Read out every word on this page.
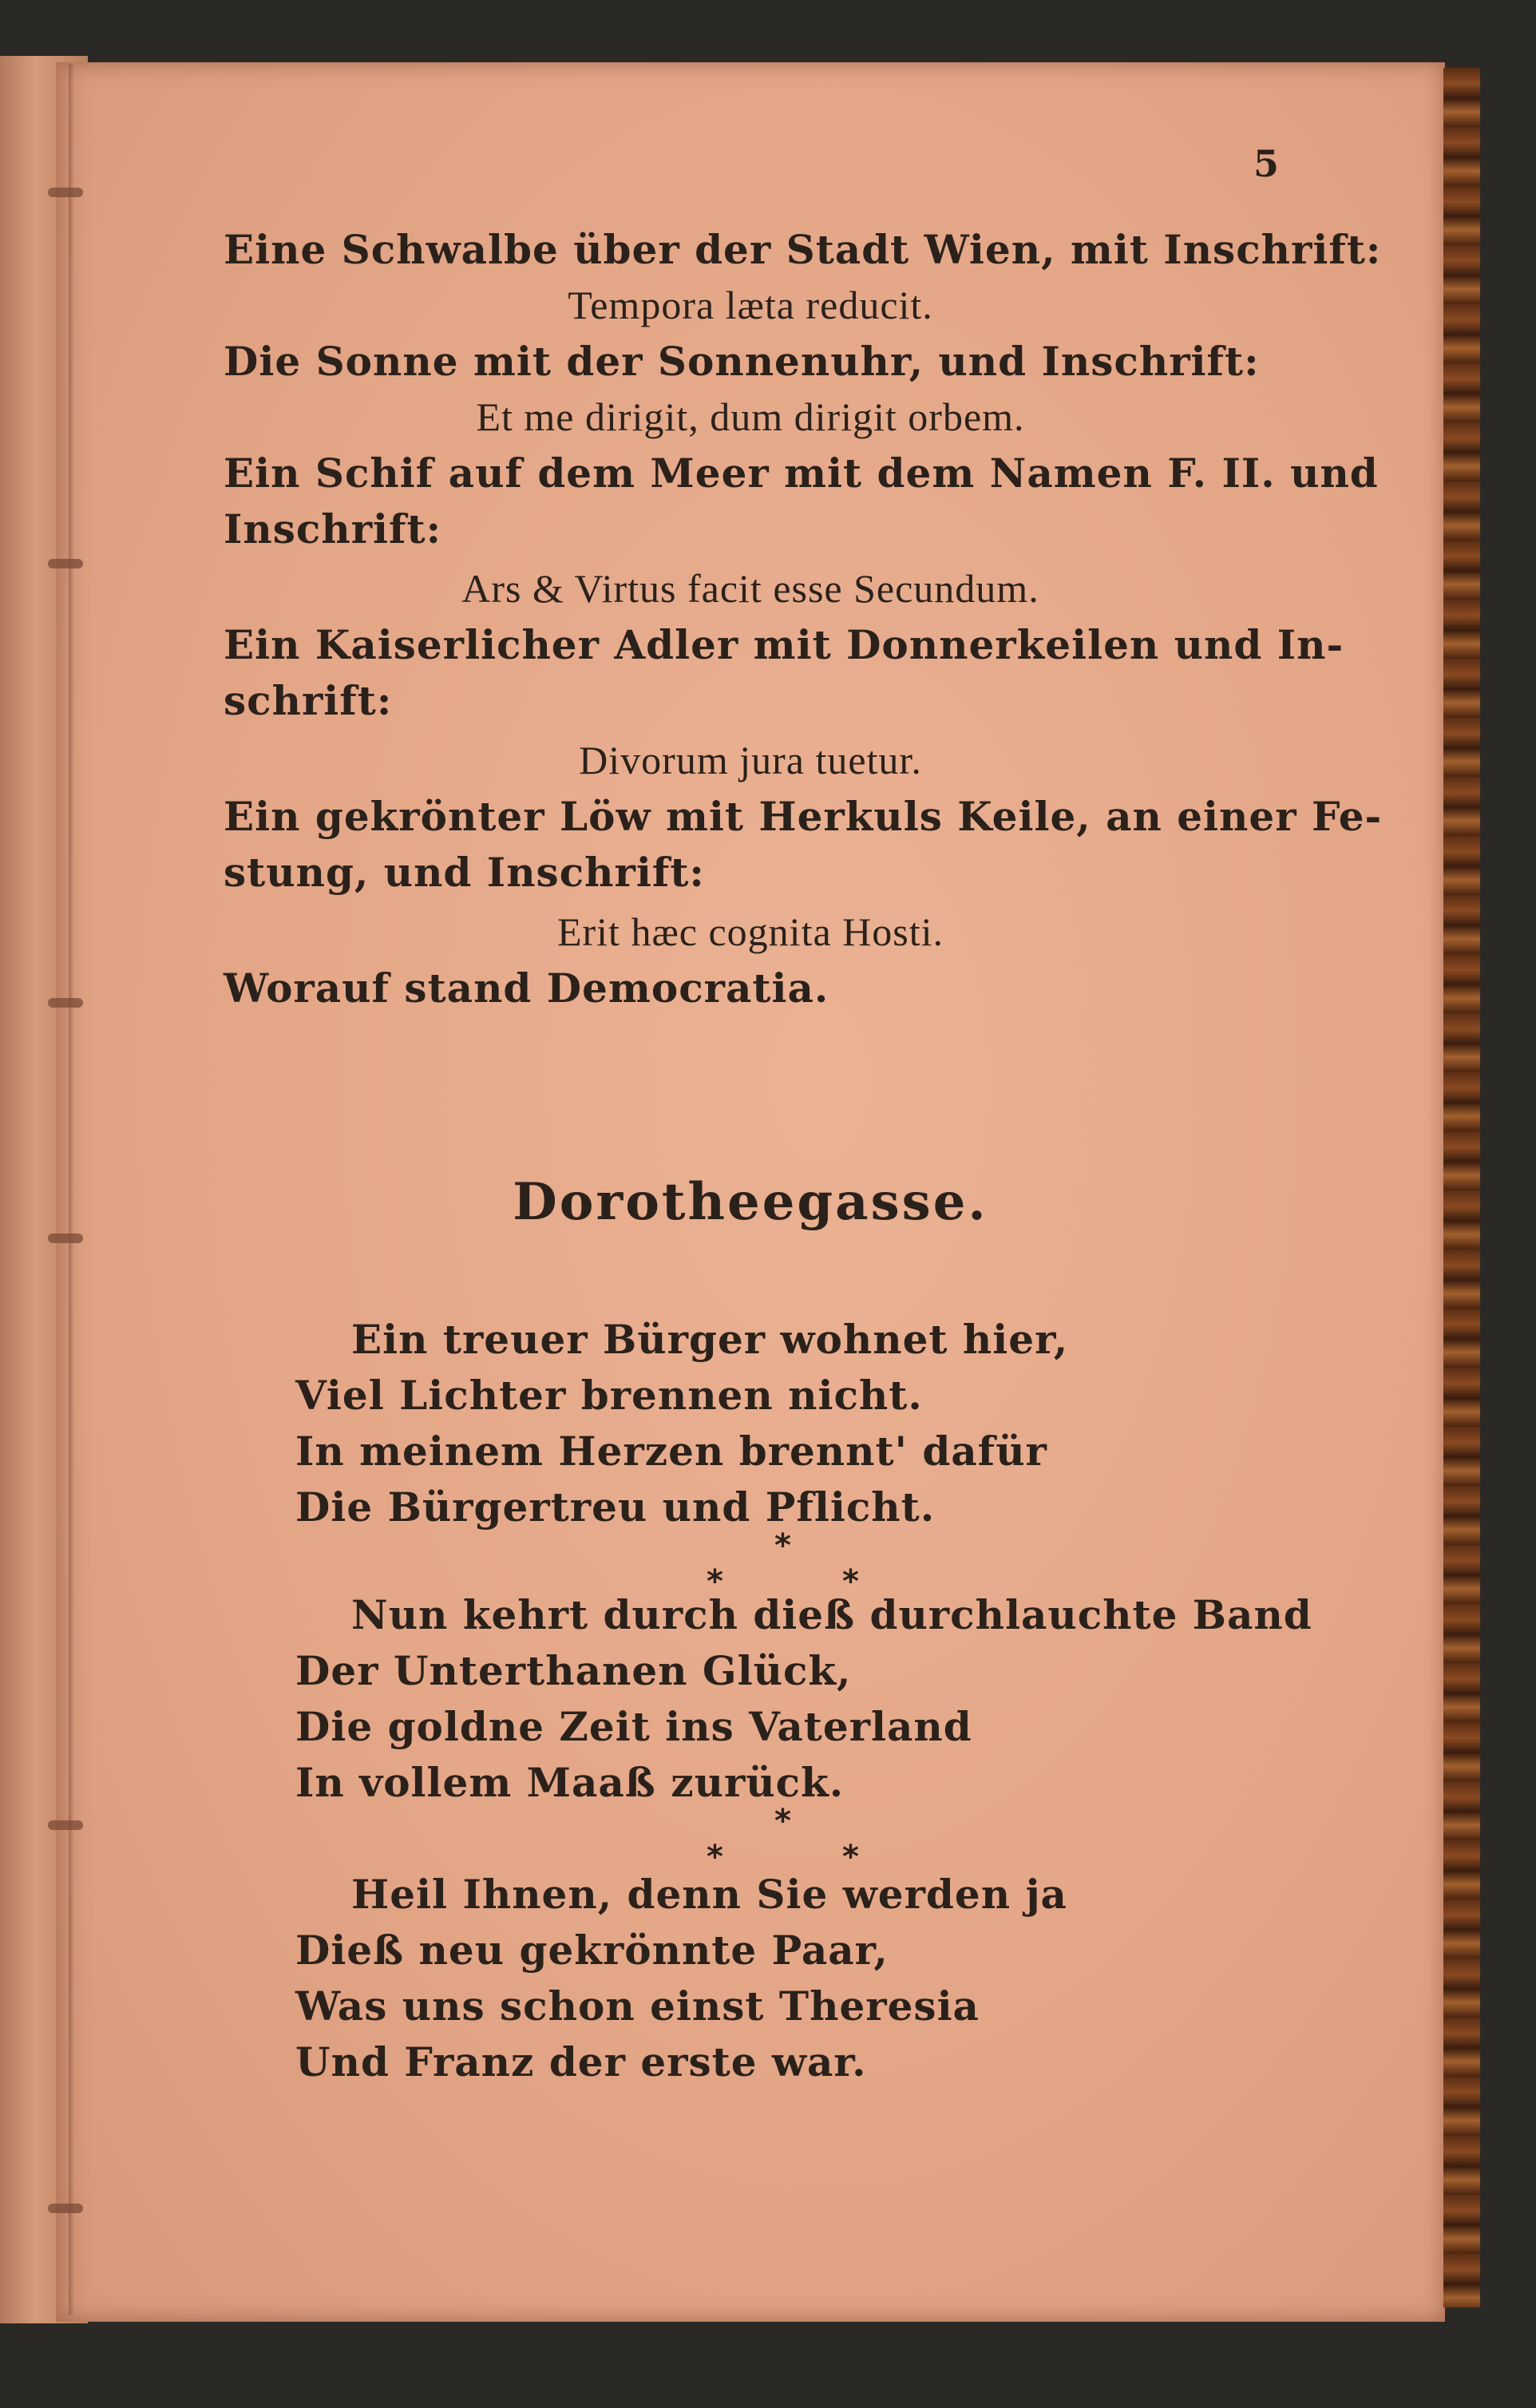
5
Eine Schwalbe über der Stadt Wien, mit Inschrift:
Tempora læta reducit.
Die Sonne mit der Sonnenuhr, und Inschrift:
Et me dirigit, dum dirigit orbem.
Ein Schif auf dem Meer mit dem Namen F. II. und
Inschrift:
Ars & Virtus facit esse Secundum.
Ein Kaiserlicher Adler mit Donnerkeilen und In-
schrift:
Divorum jura tuetur.
Ein gekrönter Löw mit Herkuls Keile, an einer Fe-
stung, und Inschrift:
Erit hæc cognita Hosti.
Worauf stand Democratia.
Dorotheegasse.
Ein treuer Bürger wohnet hier,
Viel Lichter brennen nicht.
In meinem Herzen brennt' dafür
Die Bürgertreu und Pflicht.
*
*	*
Nun kehrt durch dieß durchlauchte Band
Der Unterthanen Glück,
Die goldne Zeit ins Vaterland
In vollem Maaß zurück.
*
*	*
Heil Ihnen, denn Sie werden ja
Dieß neu gekrönnte Paar,
Was uns schon einst Theresia
Und Franz der erste war.
